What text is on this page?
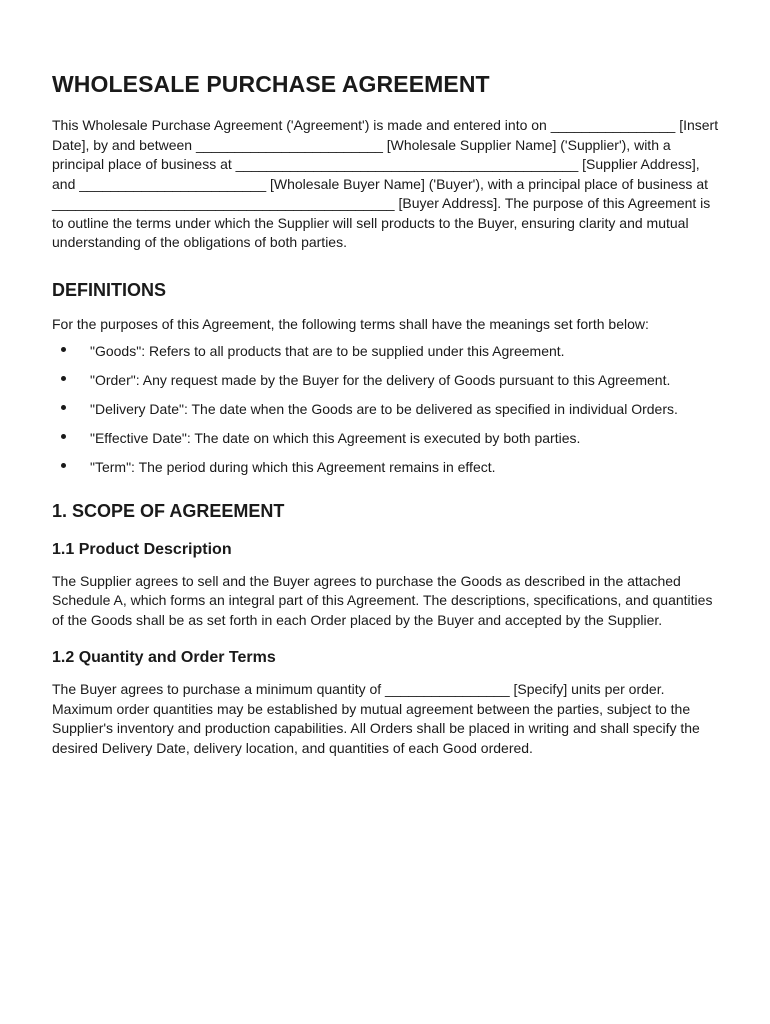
WHOLESALE PURCHASE AGREEMENT

This Wholesale Purchase Agreement ('Agreement') is made and entered into on ________________ [Insert Date], by and between ________________________ [Wholesale Supplier Name] ('Supplier'), with a principal place of business at ____________________________________________ [Supplier Address], and ________________________ [Wholesale Buyer Name] ('Buyer'), with a principal place of business at ____________________________________________ [Buyer Address]. The purpose of this Agreement is to outline the terms under which the Supplier will sell products to the Buyer, ensuring clarity and mutual understanding of the obligations of both parties.

DEFINITIONS

For the purposes of this Agreement, the following terms shall have the meanings set forth below:

"Goods": Refers to all products that are to be supplied under this Agreement.
"Order": Any request made by the Buyer for the delivery of Goods pursuant to this Agreement.
"Delivery Date": The date when the Goods are to be delivered as specified in individual Orders.
"Effective Date": The date on which this Agreement is executed by both parties.
"Term": The period during which this Agreement remains in effect.
1. SCOPE OF AGREEMENT
1.1 Product Description

The Supplier agrees to sell and the Buyer agrees to purchase the Goods as described in the attached Schedule A, which forms an integral part of this Agreement. The descriptions, specifications, and quantities of the Goods shall be as set forth in each Order placed by the Buyer and accepted by the Supplier.

1.2 Quantity and Order Terms

The Buyer agrees to purchase a minimum quantity of ________________ [Specify] units per order. Maximum order quantities may be established by mutual agreement between the parties, subject to the Supplier's inventory and production capabilities. All Orders shall be placed in writing and shall specify the desired Delivery Date, delivery location, and quantities of each Good ordered.
